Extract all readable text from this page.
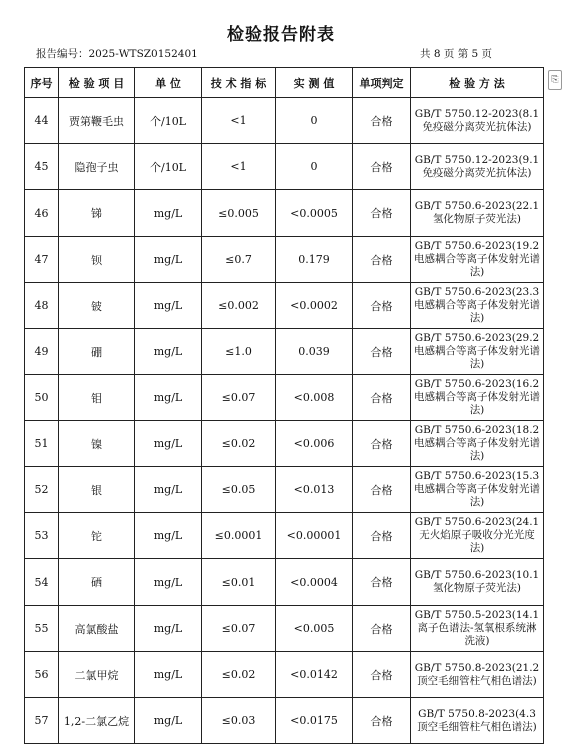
检验报告附表
报告编号：2025-WTSZ0152401	共 8 页 第 5 页
⎘
序号	检 验 项 目	单 位	技 术 指 标	实 测 值	单项判定	检 验 方 法
44	贾第鞭毛虫	个/10L	<1	0	合格	GB/T 5750.12-2023(8.1免疫磁分离荧光抗体法)
45	隐孢子虫	个/10L	<1	0	合格	GB/T 5750.12-2023(9.1免疫磁分离荧光抗体法)
46	锑	mg/L	≤0.005	<0.0005	合格	GB/T 5750.6-2023(22.1氢化物原子荧光法)
47	钡	mg/L	≤0.7	0.179	合格	GB/T 5750.6-2023(19.2电感耦合等离子体发射光谱法)
48	铍	mg/L	≤0.002	<0.0002	合格	GB/T 5750.6-2023(23.3电感耦合等离子体发射光谱法)
49	硼	mg/L	≤1.0	0.039	合格	GB/T 5750.6-2023(29.2电感耦合等离子体发射光谱法)
50	钼	mg/L	≤0.07	<0.008	合格	GB/T 5750.6-2023(16.2电感耦合等离子体发射光谱法)
51	镍	mg/L	≤0.02	<0.006	合格	GB/T 5750.6-2023(18.2电感耦合等离子体发射光谱法)
52	银	mg/L	≤0.05	<0.013	合格	GB/T 5750.6-2023(15.3电感耦合等离子体发射光谱法)
53	铊	mg/L	≤0.0001	<0.00001	合格	GB/T 5750.6-2023(24.1无火焰原子吸收分光光度法)
54	硒	mg/L	≤0.01	<0.0004	合格	GB/T 5750.6-2023(10.1氢化物原子荧光法)
55	高氯酸盐	mg/L	≤0.07	<0.005	合格	GB/T 5750.5-2023(14.1离子色谱法-氢氧根系统淋洗液)
56	二氯甲烷	mg/L	≤0.02	<0.0142	合格	GB/T 5750.8-2023(21.2顶空毛细管柱气相色谱法)
57	1,2-二氯乙烷	mg/L	≤0.03	<0.0175	合格	GB/T 5750.8-2023(4.3顶空毛细管柱气相色谱法)
